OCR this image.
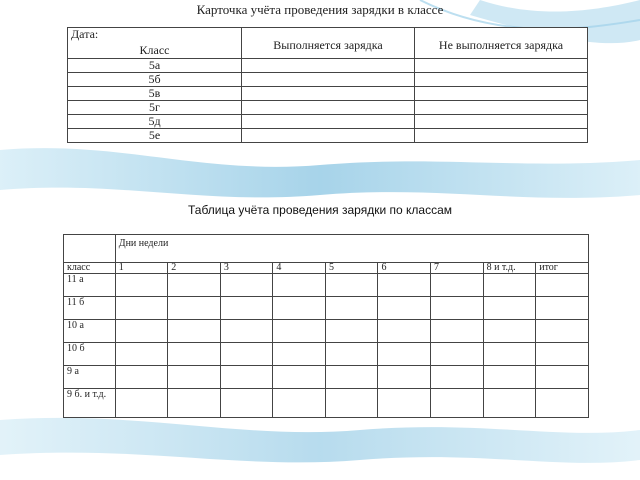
Карточка учёта проведения зарядки в классе
Дата:
Класс	Выполняется зарядка	Не выполняется зарядка
5а		
5б		
5в		
5г		
5д		
5е		
Таблица учёта проведения зарядки по классам
	Дни недели								
класс	1	2	3	4	5	6	7	8 и т.д.	итог
11 а									
11 б									
10 а									
10 б									
9 а									
9 б. и т.д.									
